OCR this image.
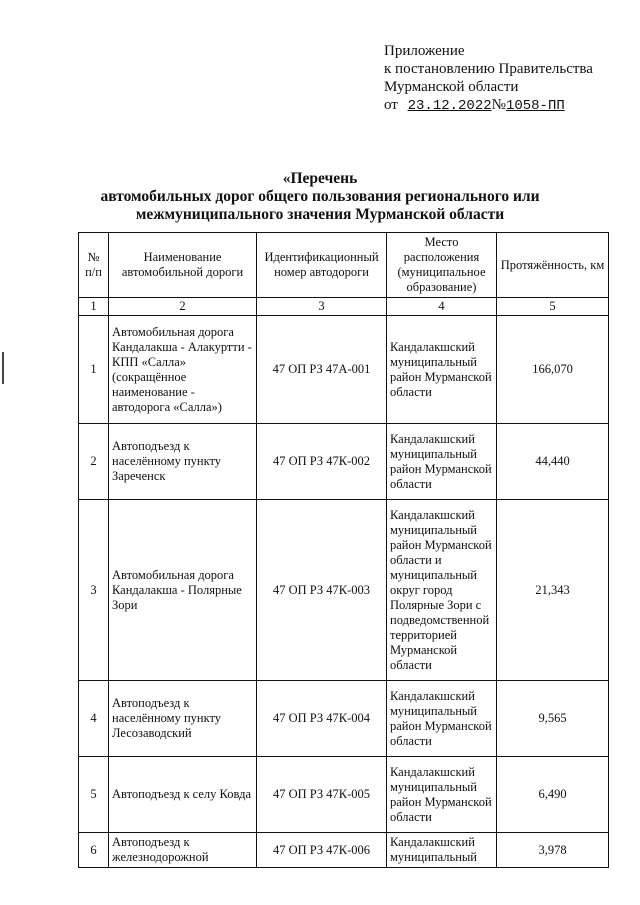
Приложение
к постановлению Правительства
Мурманской области
от 23.12.2022№1058-ПП
«Перечень
автомобильных дорог общего пользования регионального или
межмуниципального значения Мурманской области
№ п/п	Наименование автомобильной дороги	Идентификационный номер автодороги	Место расположения (муниципальное образование)	Протяжённость, км
1	2	3	4	5
1	Автомобильная дорога Кандалакша - Алакуртти - КПП «Салла» (сокращённое наименование - автодорога «Салла»)	47 ОП РЗ 47А-001	Кандалакшский муниципальный район Мурманской области	166,070
2	Автоподъезд к населённому пункту Зареченск	47 ОП РЗ 47К-002	Кандалакшский муниципальный район Мурманской области	44,440
3	Автомобильная дорога Кандалакша - Полярные Зори	47 ОП РЗ 47К-003	Кандалакшский муниципальный район Мурманской области и муниципальный округ город Полярные Зори с подведомственной территорией Мурманской области	21,343
4	Автоподъезд к населённому пункту Лесозаводский	47 ОП РЗ 47К-004	Кандалакшский муниципальный район Мурманской области	9,565
5	Автоподъезд к селу Ковда	47 ОП РЗ 47К-005	Кандалакшский муниципальный район Мурманской области	6,490
6	Автоподъезд к железнодорожной	47 ОП РЗ 47К-006	Кандалакшский муниципальный	3,978
